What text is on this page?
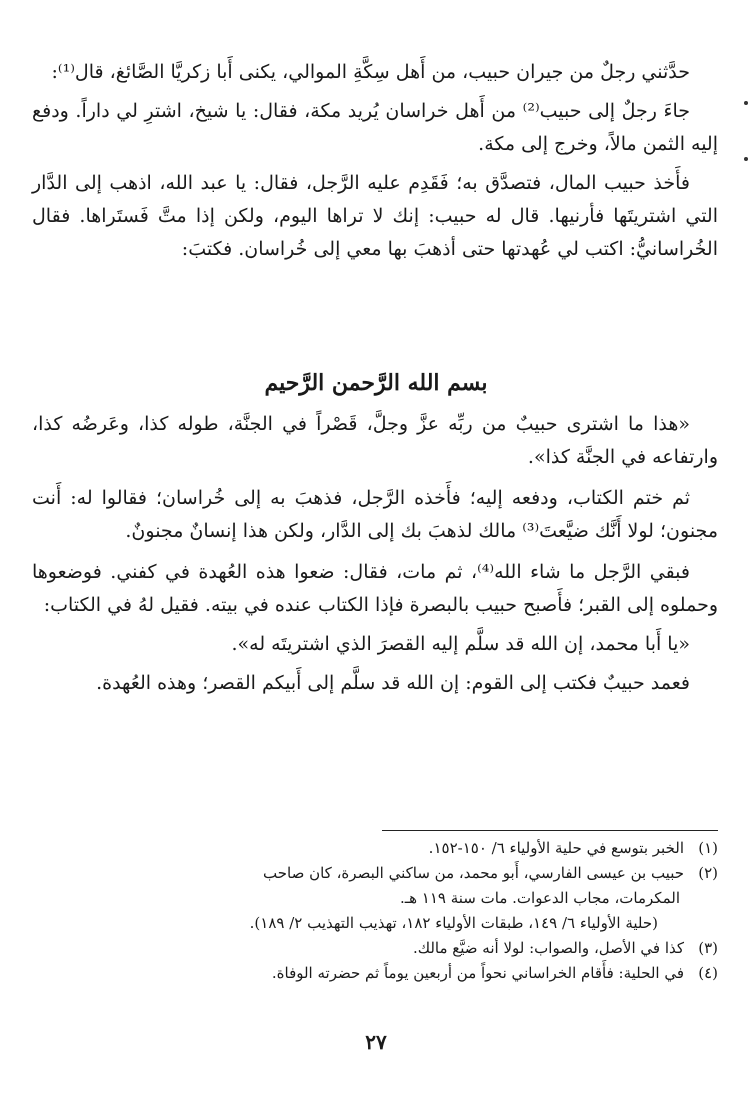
حدَّثني رجلٌ من جيران حبيب، من أَهل سِكَّةِ الموالي، يكنى أَبا زكريَّا الصَّائغ، قال⁽¹⁾:

جاءَ رجلٌ إلى حبيب⁽²⁾ من أَهل خراسان يُريد مكة، فقال: يا شيخ، اشترِ لي داراً. ودفع إليه الثمن مالاً، وخرج إلى مكة.

فأَخذ حبيب المال، فتصدَّق به؛ فَقَدِم عليه الرَّجل، فقال: يا عبد الله، اذهب إلى الدَّار التي اشتريتَها فأرنيها. قال له حبيب: إنك لا تراها اليوم، ولكن إذا متَّ فَستَراها. فقال الخُراسانيُّ: اكتب لي عُهدتها حتى أذهبَ بها معي إلى خُراسان. فكتبَ:

بسم الله الرَّحمن الرَّحيم

«هذا ما اشترى حبيبٌ من ربِّه عزَّ وجلَّ، قَصْراً في الجنَّة، طوله كذا، وعَرضُه كذا، وارتفاعه في الجنَّة كذا».

ثم ختم الكتاب، ودفعه إليه؛ فأَخذه الرَّجل، فذهبَ به إلى خُراسان؛ فقالوا له: أَنت مجنون؛ لولا أَنَّك ضيَّعتَ⁽³⁾ مالك لذهبَ بك إلى الدَّار، ولكن هذا إنسانٌ مجنونٌ.

فبقي الرَّجل ما شاء الله⁽⁴⁾، ثم مات، فقال: ضعوا هذه العُهدة في كفني. فوضعوها وحملوه إلى القبر؛ فأَصبح حبيب بالبصرة فإذا الكتاب عنده في بيته. فقيل لهُ في الكتاب:

«يا أَبا محمد، إن الله قد سلَّم إليه القصرَ الذي اشتريتَه له».

فعمد حبيبٌ فكتب إلى القوم: إن الله قد سلَّم إلى أَبيكم القصر؛ وهذه العُهدة.

(١)الخبر بتوسع في حلية الأولياء ٦/ ١٥٠-١٥٢.

(٢)حبيب بن عيسى الفارسي، أَبو محمد، من ساكني البصرة، كان صاحب

المكرمات، مجاب الدعوات. مات سنة ١١٩ هـ.

(حلية الأولياء ٦/ ١٤٩، طبقات الأولياء ١٨٢، تهذيب التهذيب ٢/ ١٨٩).

(٣)كذا في الأصل، والصواب: لولا أنه ضيَّع مالك.

(٤)في الحلية: فأَقام الخراساني نحواً من أربعين يوماً ثم حضرته الوفاة.

٢٧
